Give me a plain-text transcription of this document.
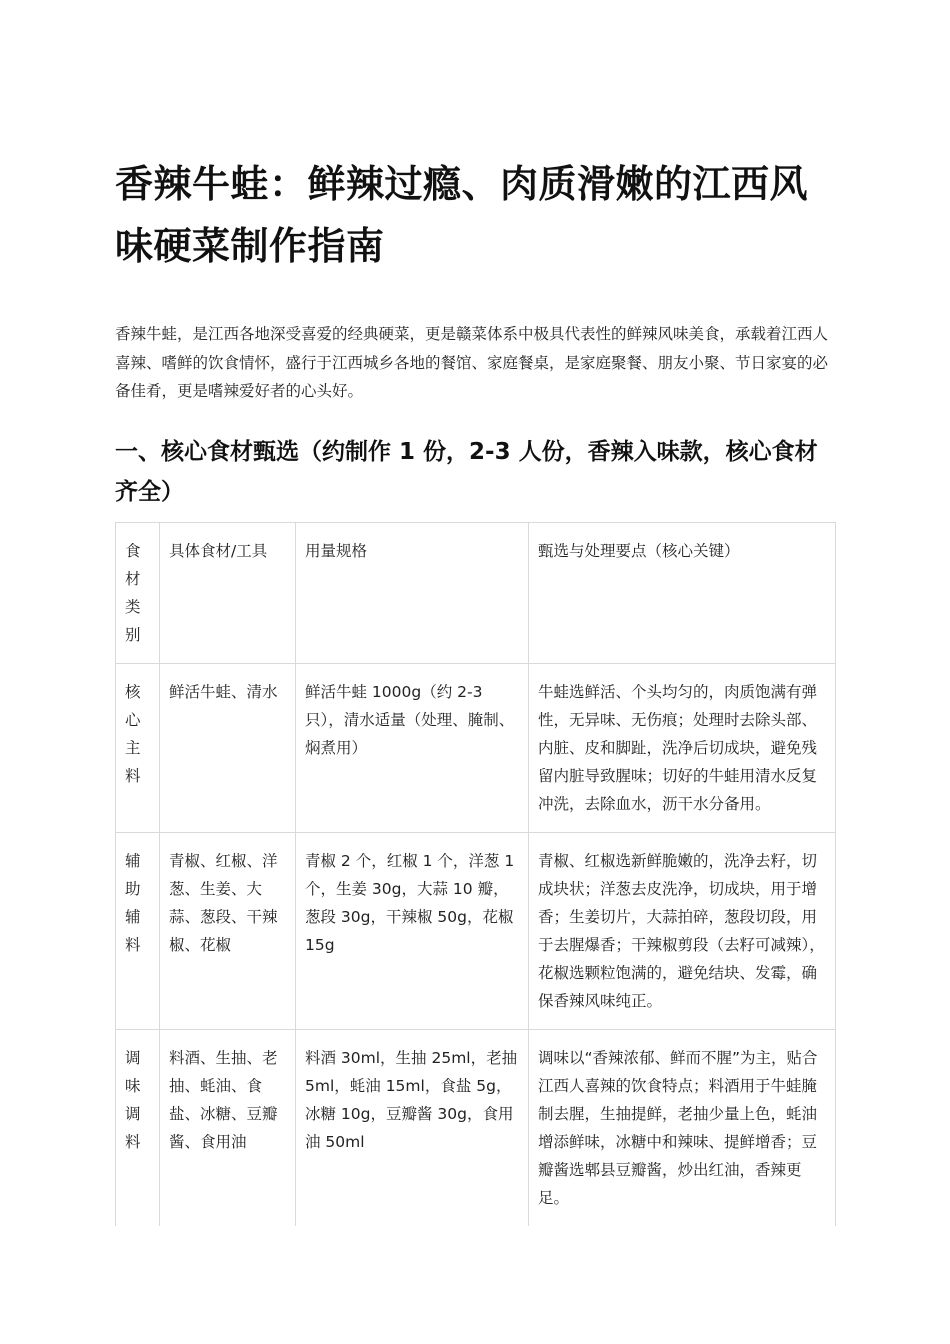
香辣牛蛙：鲜辣过瘾、肉质滑嫩的江西风味硬菜制作指南

香辣牛蛙，是江西各地深受喜爱的经典硬菜，更是赣菜体系中极具代表性的鲜辣风味美食，承载着江西人喜辣、嗜鲜的饮食情怀，盛行于江西城乡各地的餐馆、家庭餐桌，是家庭聚餐、朋友小聚、节日家宴的必备佳肴，更是嗜辣爱好者的心头好。

一、核心食材甄选（约制作 1 份，2-3 人份，香辣入味款，核心食材齐全）
食材类别	具体食材/工具	用量规格	甄选与处理要点（核心关键）
核心主料	鲜活牛蛙、清水	鲜活牛蛙 1000g（约 2-3 只），清水适量（处理、腌制、焖煮用）	牛蛙选鲜活、个头均匀的，肉质饱满有弹性，无异味、无伤痕；处理时去除头部、内脏、皮和脚趾，洗净后切成块，避免残留内脏导致腥味；切好的牛蛙用清水反复冲洗，去除血水，沥干水分备用。
辅助辅料	青椒、红椒、洋葱、生姜、大蒜、葱段、干辣椒、花椒	青椒 2 个，红椒 1 个，洋葱 1 个，生姜 30g，大蒜 10 瓣，葱段 30g，干辣椒 50g，花椒 15g	青椒、红椒选新鲜脆嫩的，洗净去籽，切成块状；洋葱去皮洗净，切成块，用于增香；生姜切片，大蒜拍碎，葱段切段，用于去腥爆香；干辣椒剪段（去籽可减辣），花椒选颗粒饱满的，避免结块、发霉，确保香辣风味纯正。
调味调料	料酒、生抽、老抽、蚝油、食盐、冰糖、豆瓣酱、食用油	料酒 30ml，生抽 25ml，老抽 5ml，蚝油 15ml，食盐 5g，冰糖 10g，豆瓣酱 30g，食用油 50ml	调味以“香辣浓郁、鲜而不腥”为主，贴合江西人喜辣的饮食特点；料酒用于牛蛙腌制去腥，生抽提鲜，老抽少量上色，蚝油增添鲜味，冰糖中和辣味、提鲜增香；豆瓣酱选郫县豆瓣酱，炒出红油，香辣更足。
